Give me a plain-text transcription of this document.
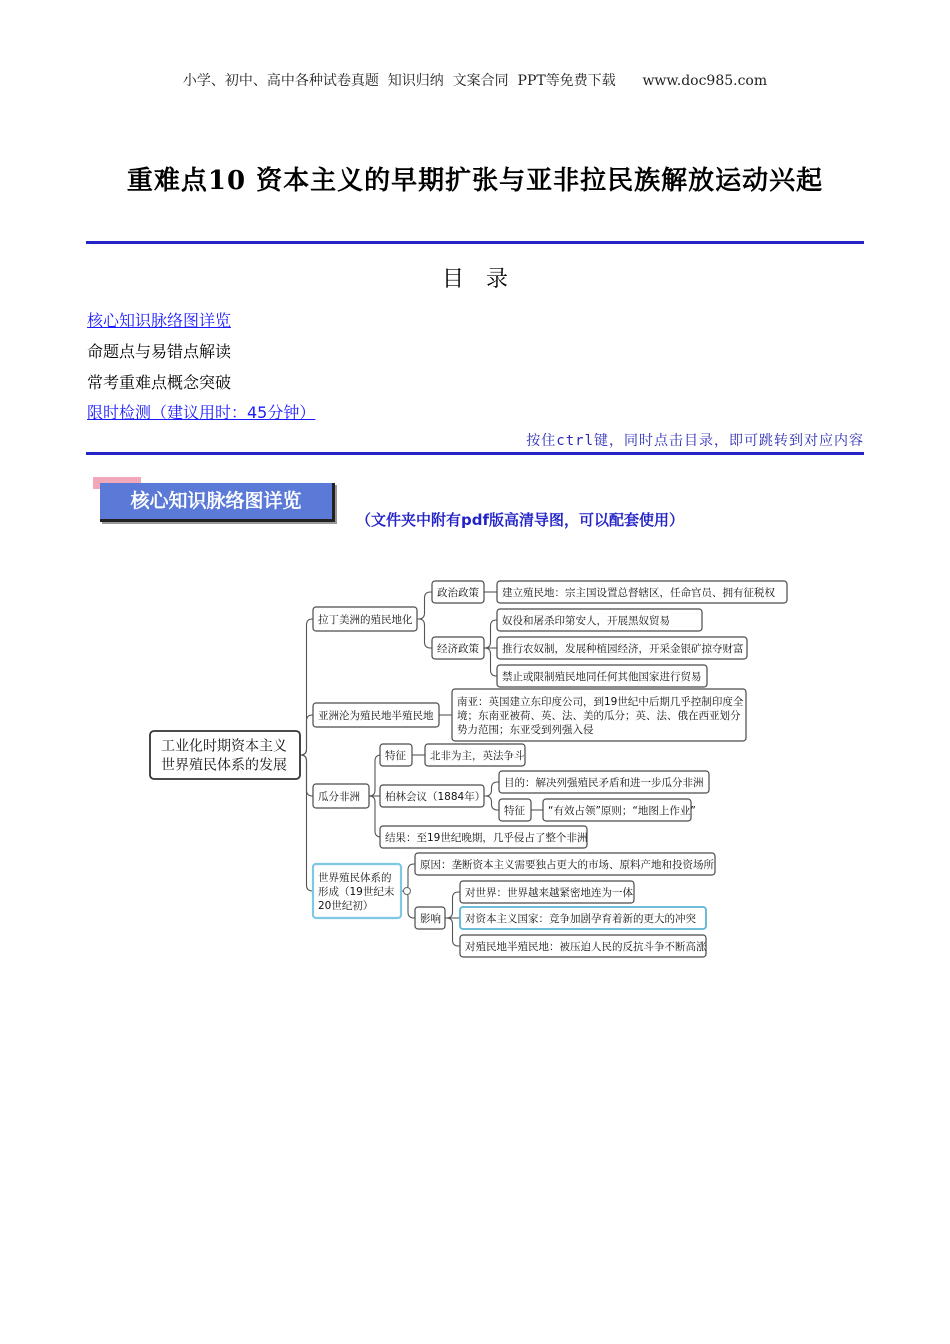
小学、初中、高中各种试卷真题  知识归纳  文案合同  PPT等免费下载 www.doc985.com
重难点10 资本主义的早期扩张与亚非拉民族解放运动兴起
目录
核心知识脉络图详览
命题点与易错点解读
常考重难点概念突破
限时检测（建议用时：45分钟）
按住ctrl键，同时点击目录，即可跳转到对应内容
核心知识脉络图详览
（文件夹中附有pdf版高清导图，可以配套使用）
工业化时期资本主义世界殖民体系的发展
拉丁美洲的殖民地化
政治政策 建立殖民地：宗主国设置总督辖区，任命官员、拥有征税权
经济政策
奴役和屠杀印第安人，开展黑奴贸易
推行农奴制，发展种植园经济，开采金银矿掠夺财富
禁止或限制殖民地同任何其他国家进行贸易
亚洲沦为殖民地半殖民地
南亚：英国建立东印度公司，到19世纪中后期几乎控制印度全境；东南亚被荷、英、法、美的瓜分；英、法、俄在西亚划分势力范围；东亚受到列强入侵
瓜分非洲
特征 北非为主，英法争斗
柏林会议（1884年）
目的：解决列强殖民矛盾和进一步瓜分非洲
特征 “有效占领”原则；“地图上作业”
结果：至19世纪晚期，几乎侵占了整个非洲
世界殖民体系的形成（19世纪末 20世纪初）
原因：垄断资本主义需要独占更大的市场、原料产地和投资场所
影响
对世界：世界越来越紧密地连为一体
对资本主义国家：竞争加剧孕育着新的更大的冲突
对殖民地半殖民地：被压迫人民的反抗斗争不断高涨
